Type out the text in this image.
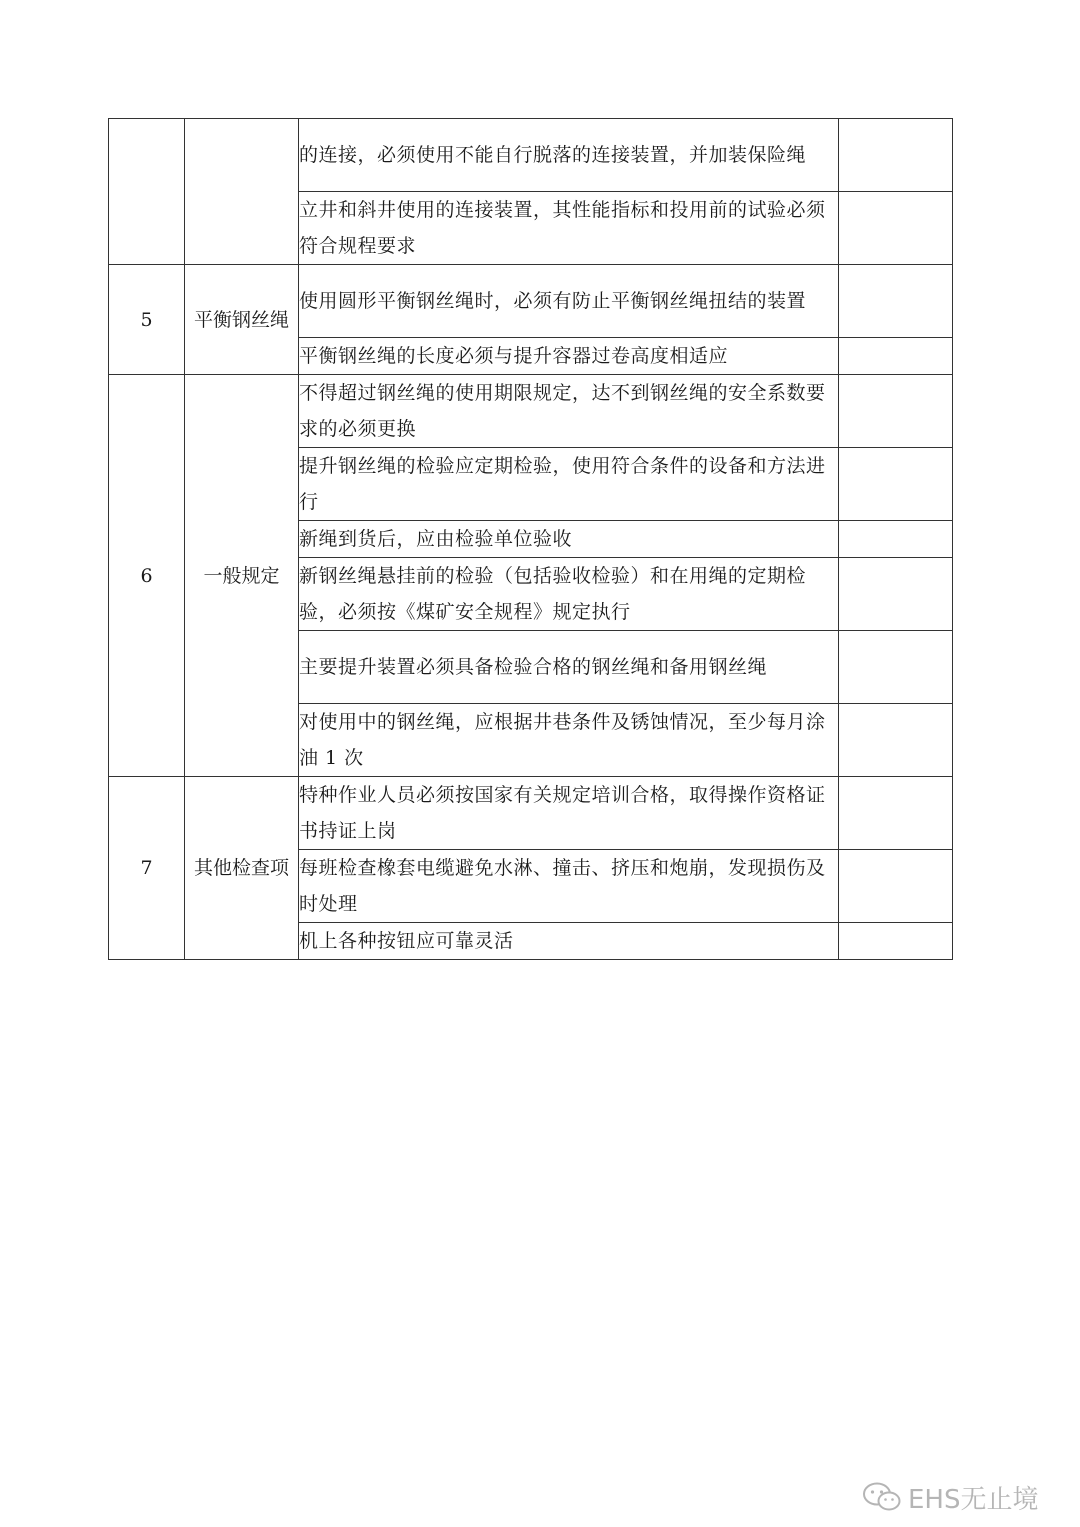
		的连接，必须使用不能自行脱落的连接装置，并加装保险绳	
		立井和斜井使用的连接装置，其性能指标和投用前的试验必须符合规程要求	
5	平衡钢丝绳	使用圆形平衡钢丝绳时，必须有防止平衡钢丝绳扭结的装置	
		平衡钢丝绳的长度必须与提升容器过卷高度相适应	
6	一般规定	不得超过钢丝绳的使用期限规定，达不到钢丝绳的安全系数要求的必须更换	
		提升钢丝绳的检验应定期检验，使用符合条件的设备和方法进行	
		新绳到货后，应由检验单位验收	
		新钢丝绳悬挂前的检验（包括验收检验）和在用绳的定期检验，必须按《煤矿安全规程》规定执行	
		主要提升装置必须具备检验合格的钢丝绳和备用钢丝绳	
		对使用中的钢丝绳，应根据井巷条件及锈蚀情况，至少每月涂油 1 次	
7	其他检查项	特种作业人员必须按国家有关规定培训合格，取得操作资格证书持证上岗	
		每班检查橡套电缆避免水淋、撞击、挤压和炮崩，发现损伤及时处理	
		机上各种按钮应可靠灵活	
EHS无止境
